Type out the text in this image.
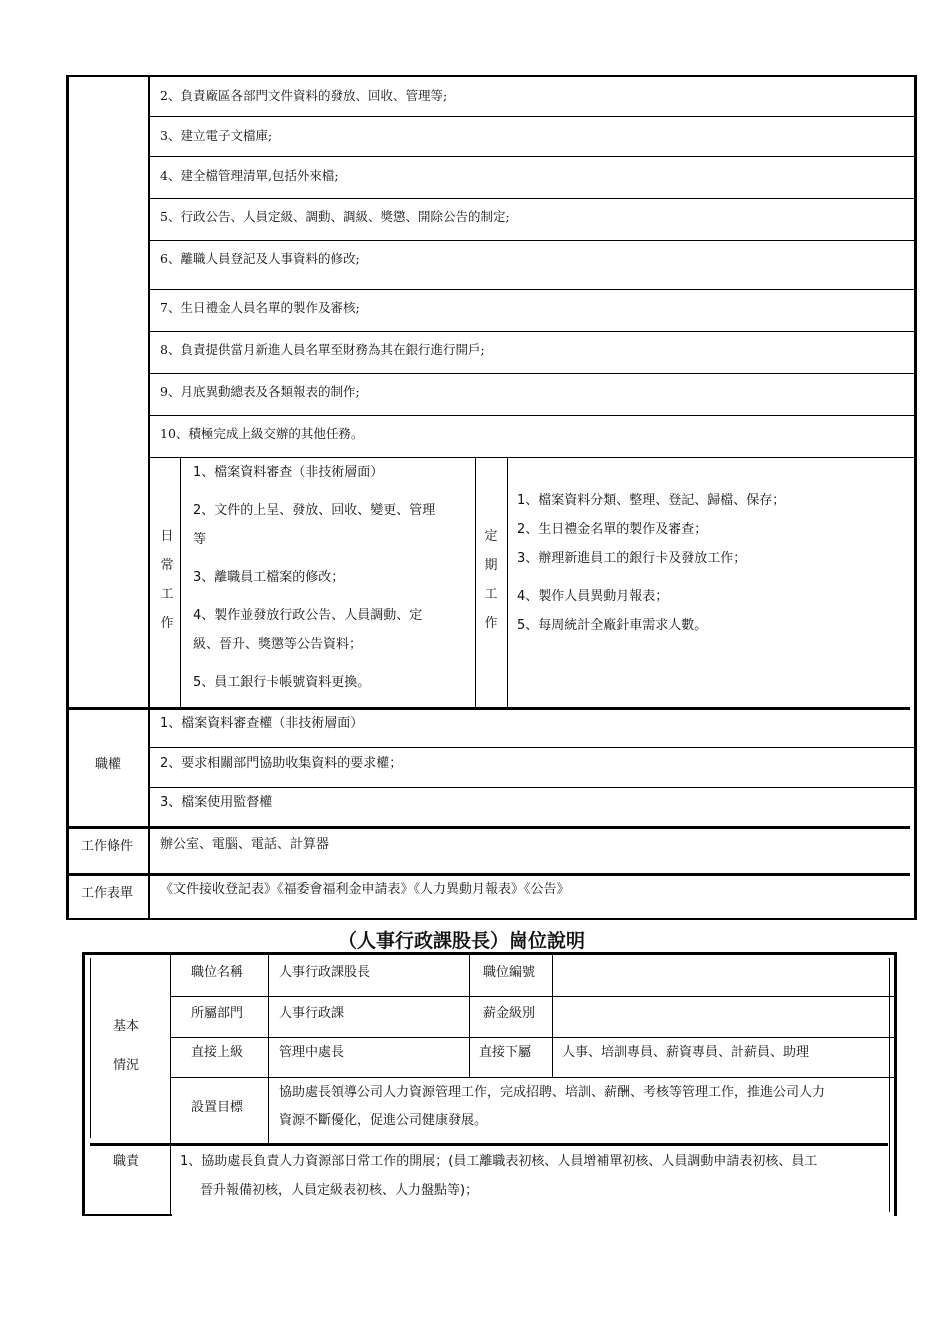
2、負責廠區各部門文件資料的發放、回收、管理等;
3、建立電子文檔庫;
4、建全檔管理清單,包括外來檔;
5、行政公告、人員定級、調動、調級、獎懲、開除公告的制定;
6、離職人員登記及人事資料的修改;
7、生日禮金人員名單的製作及審核;
8、負責提供當月新進人員名單至財務為其在銀行進行開戶;
9、月底異動總表及各類報表的制作;
10、積極完成上級交辦的其他任務。
日
常
工
作
1、檔案資料審查（非技術層面）
2、文件的上呈、發放、回收、變更、管理
等
3、離職員工檔案的修改；
4、製作並發放行政公告、人員調動、定
級、晉升、獎懲等公告資料；
5、員工銀行卡帳號資料更換。
定
期
工
作
1、檔案資料分類、整理、登記、歸檔、保存；
2、生日禮金名單的製作及審查；
3、辦理新進員工的銀行卡及發放工作；
4、製作人員異動月報表；
5、每周統計全廠針車需求人數。
職權
1、檔案資料審查權（非技術層面）
2、要求相關部門協助收集資料的要求權；
3、檔案使用監督權
工作條件 辦公室、電腦、電話、計算器
工作表單 《文件接收登記表》《福委會福利金申請表》《人力異動月報表》《公告》
（人事行政課股長）崗位說明
基本
情況
職位名稱	人事行政課股長	職位編號
所屬部門	人事行政課	薪金級別
直接上級	管理中處長	直接下屬 人事、培訓專員、薪資專員、計薪員、助理
設置目標
協助處長領導公司人力資源管理工作，完成招聘、培訓、薪酬、考核等管理工作，推進公司人力
資源不斷優化，促進公司健康發展。
職責	1、協助處長負責人力資源部日常工作的開展；(員工離職表初核、人員增補單初核、人員調動申請表初核、員工
晉升報備初核，人員定級表初核、人力盤點等)；
